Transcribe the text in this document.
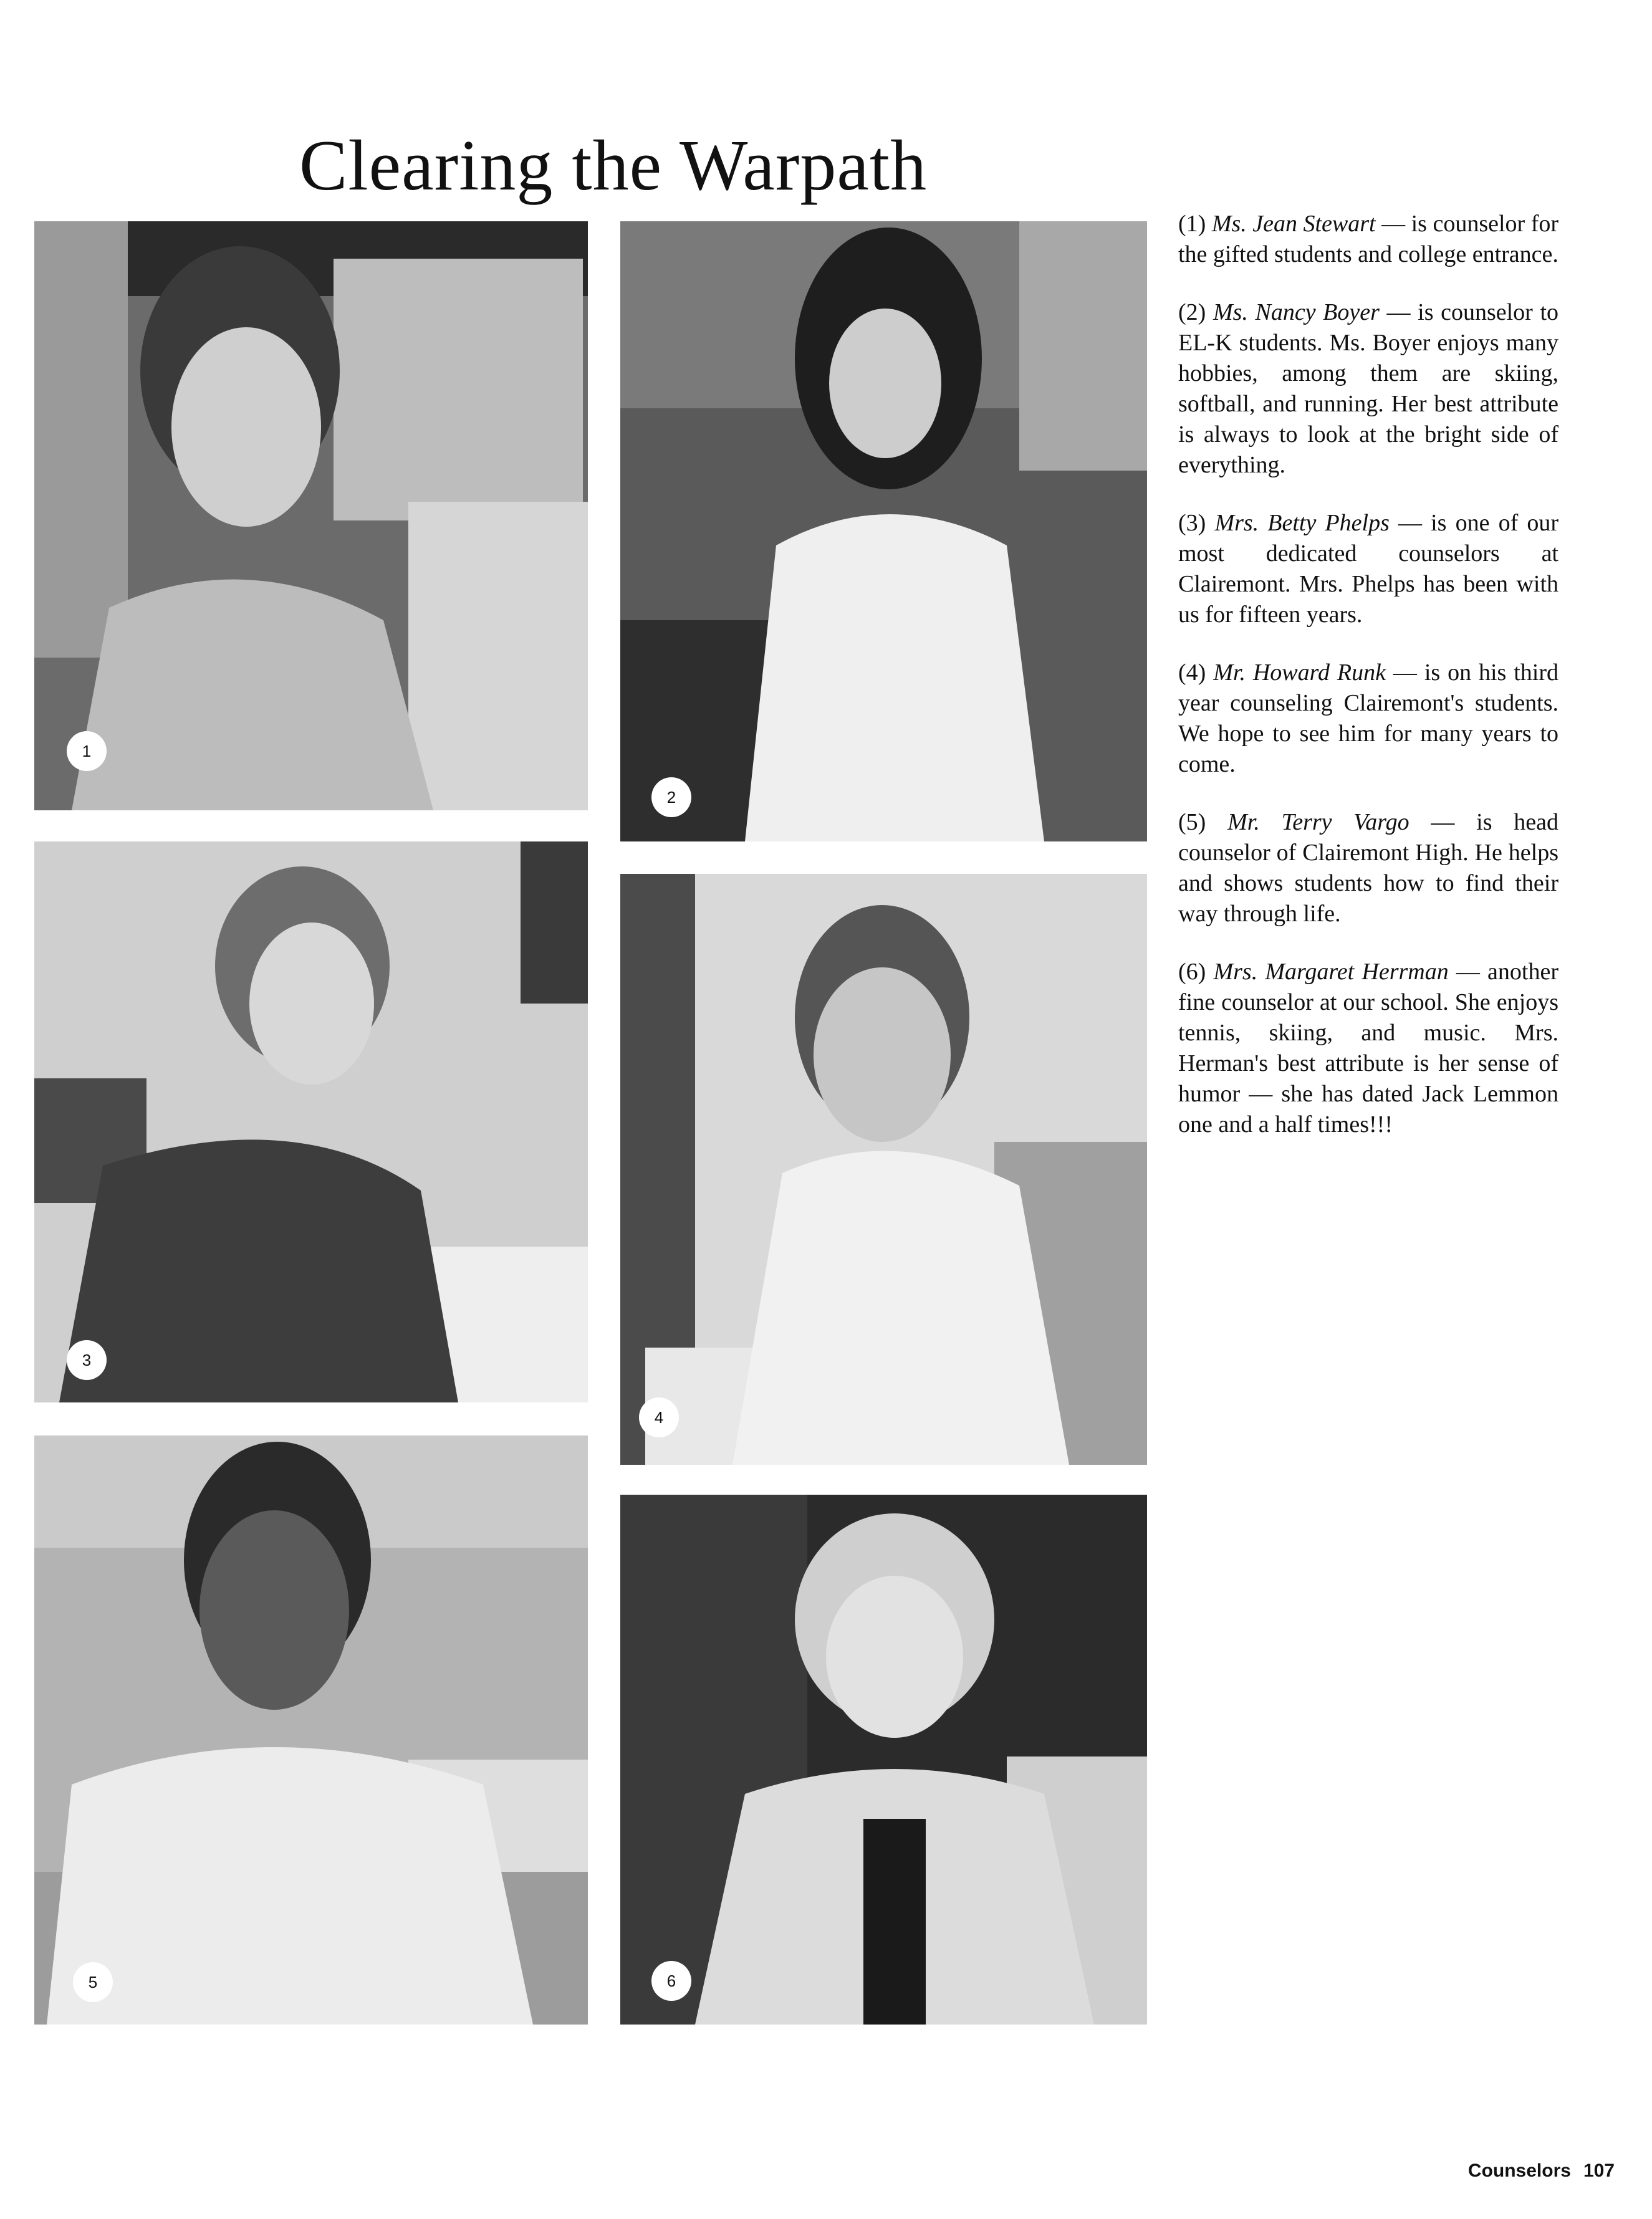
Clearing the Warpath
1
2
3
4
5	6

(1) Ms. Jean Stewart — is counselor for the gifted students and college entrance.

(2) Ms. Nancy Boyer — is counselor to EL-K students. Ms. Boyer enjoys many hobbies, among them are skiing, softball, and running. Her best attribute is always to look at the bright side of everything.

(3) Mrs. Betty Phelps — is one of our most dedicated counselors at Clairemont. Mrs. Phelps has been with us for fifteen years.

(4) Mr. Howard Runk — is on his third year counseling Clairemont's students. We hope to see him for many years to come.

(5) Mr. Terry Vargo — is head counselor of Clairemont High. He helps and shows students how to find their way through life.

(6) Mrs. Margaret Herrman — another fine counselor at our school. She enjoys tennis, skiing, and music. Mrs. Herman's best attribute is her sense of humor — she has dated Jack Lemmon one and a half times!!!

Counselors 107
